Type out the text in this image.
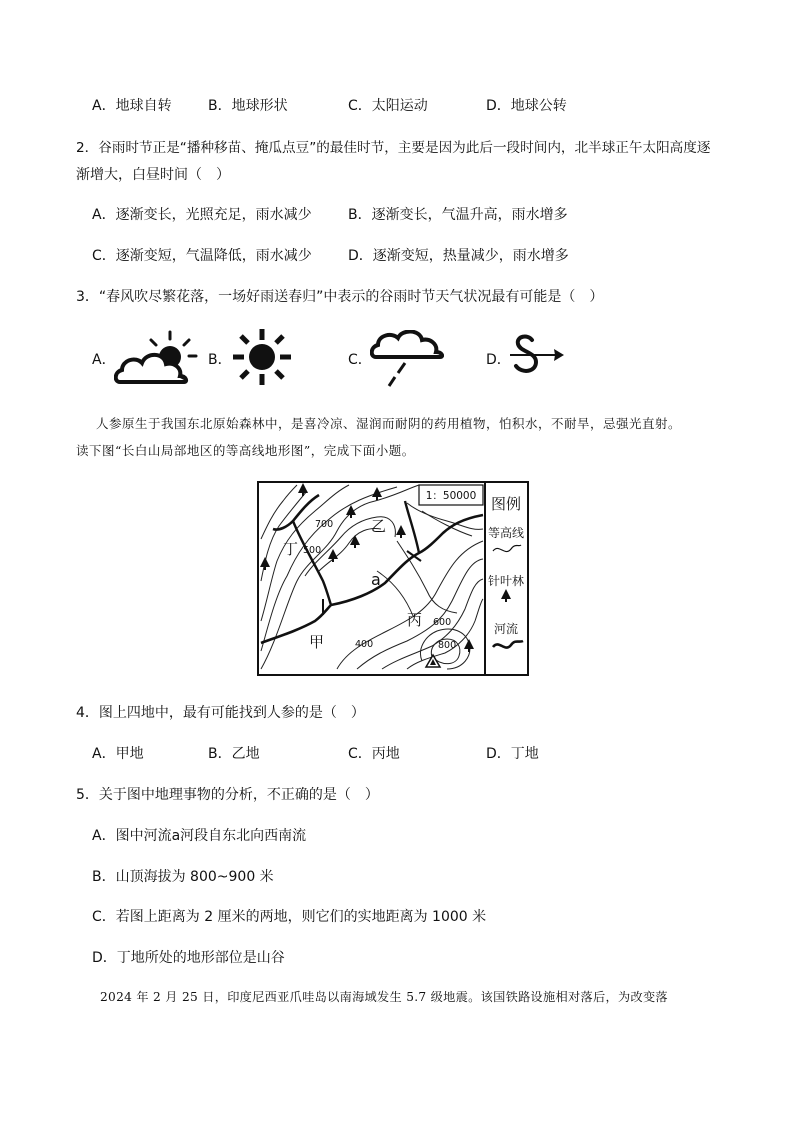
A．地球自转	B．地球形状	C．太阳运动	D．地球公转
2．谷雨时节正是“播种移苗、掩瓜点豆”的最佳时节，主要是因为此后一段时间内，北半球正午太阳高度逐
渐增大，白昼时间（　）
A．逐渐变长，光照充足，雨水减少	B．逐渐变长，气温升高，雨水增多
C．逐渐变短，气温降低，雨水减少	D．逐渐变短，热量减少，雨水增多
3．“春风吹尽繁花落，一场好雨送春归”中表示的谷雨时节天气状况最有可能是（　）
A．	B．	C．	D．
人参原生于我国东北原始森林中，是喜冷凉、湿润而耐阴的药用植物，怕积水，不耐旱，忌强光直射。
读下图“长白山局部地区的等高线地形图”，完成下面小题。
1：50000
乙
丁
a
丙
甲
700
500
600
400	800
图例
等高线
针叶林
河流
4．图上四地中，最有可能找到人参的是（　）
A．甲地	B．乙地	C．丙地	D．丁地
5．关于图中地理事物的分析，不正确的是（　）
A．图中河流a河段自东北向西南流
B．山顶海拔为 800~900 米
C．若图上距离为 2 厘米的两地，则它们的实地距离为 1000 米
D．丁地所处的地形部位是山谷
2024 年 2 月 25 日，印度尼西亚爪哇岛以南海域发生 5.7 级地震。该国铁路设施相对落后，为改变落
